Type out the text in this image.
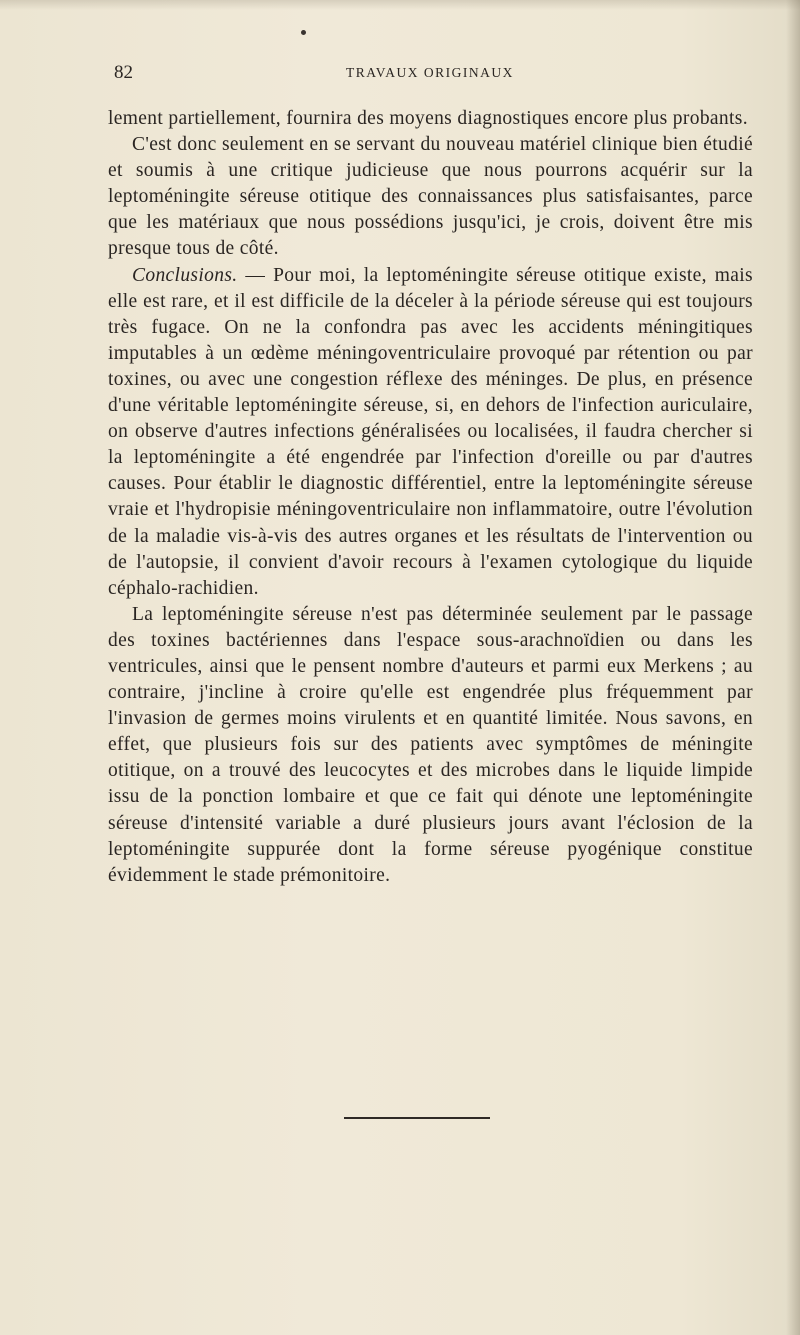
82	TRAVAUX ORIGINAUX

lement partiellement, fournira des moyens diagnostiques encore plus probants.

C'est donc seulement en se servant du nouveau matériel clinique bien étudié et soumis à une critique judicieuse que nous pourrons acquérir sur la leptoméningite séreuse otitique des connaissances plus satisfaisantes, parce que les matériaux que nous possédions jusqu'ici, je crois, doivent être mis presque tous de côté.

Conclusions. — Pour moi, la leptoméningite séreuse otitique existe, mais elle est rare, et il est difficile de la déceler à la période séreuse qui est toujours très fugace. On ne la confondra pas avec les accidents méningitiques imputables à un œdème méningoventriculaire provoqué par rétention ou par toxines, ou avec une congestion réflexe des méninges. De plus, en présence d'une véritable leptoméningite séreuse, si, en dehors de l'infection auriculaire, on observe d'autres infections généralisées ou localisées, il faudra chercher si la leptoméningite a été engendrée par l'infection d'oreille ou par d'autres causes. Pour établir le diagnostic différentiel, entre la leptoméningite séreuse vraie et l'hydropisie méningoventriculaire non inflammatoire, outre l'évolution de la maladie vis-à-vis des autres organes et les résultats de l'intervention ou de l'autopsie, il convient d'avoir recours à l'examen cytologique du liquide céphalo-rachidien.

La leptoméningite séreuse n'est pas déterminée seulement par le passage des toxines bactériennes dans l'espace sous-arachnoïdien ou dans les ventricules, ainsi que le pensent nombre d'auteurs et parmi eux Merkens ; au contraire, j'incline à croire qu'elle est engendrée plus fréquemment par l'invasion de germes moins virulents et en quantité limitée. Nous savons, en effet, que plusieurs fois sur des patients avec symptômes de méningite otitique, on a trouvé des leucocytes et des microbes dans le liquide limpide issu de la ponction lombaire et que ce fait qui dénote une leptoméningite séreuse d'intensité variable a duré plusieurs jours avant l'éclosion de la leptoméningite suppurée dont la forme séreuse pyogénique constitue évidemment le stade prémonitoire.
